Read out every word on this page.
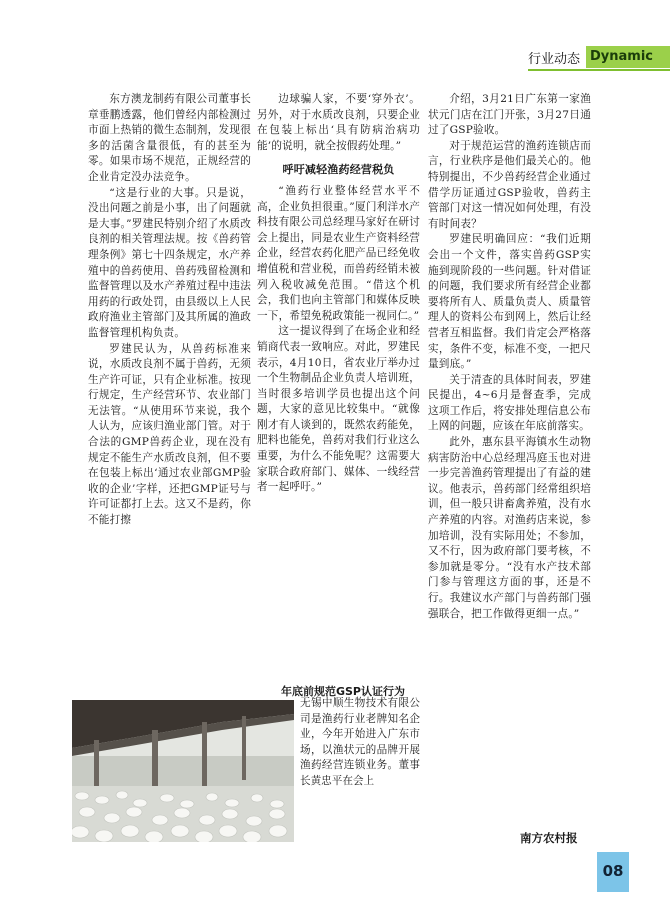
行业动态 Dynamic

东方澳龙制药有限公司董事长章垂鹏透露，他们曾经内部检测过市面上热销的微生态制剂，发现很多的活菌含量很低，有的甚至为零。如果市场不规范，正规经营的企业肯定没办法竞争。

“这是行业的大事。只是说，没出问题之前是小事，出了问题就是大事。”罗建民特别介绍了水质改良剂的相关管理法规。按《兽药管理条例》第七十四条规定，水产养殖中的兽药使用、兽药残留检测和监督管理以及水产养殖过程中违法用药的行政处罚，由县级以上人民政府渔业主管部门及其所属的渔政监督管理机构负责。

罗建民认为，从兽药标准来说，水质改良剂不属于兽药，无须生产许可证，只有企业标准。按现行规定，生产经营环节、农业部门无法管。“从使用环节来说，我个人认为，应该归渔业部门管。对于合法的GMP兽药企业，现在没有规定不能生产水质改良剂，但不要在包装上标出‘通过农业部GMP验收的企业’字样，还把GMP证号与许可证都打上去。这又不是药，你不能打擦

边球骗人家，不要‘穿外衣’。另外，对于水质改良剂，只要企业在包装上标出‘具有防病治病功能’的说明，就全按假药处理。”

呼吁减轻渔药经营税负

“渔药行业整体经营水平不高，企业负担很重。”厦门利洋水产科技有限公司总经理马家好在研讨会上提出，同是农业生产资料经营企业，经营农药化肥产品已经免收增值税和营业税，而兽药经销未被列入税收减免范围。“借这个机会，我们也向主管部门和媒体反映一下，希望免税政策能一视同仁。”

这一提议得到了在场企业和经销商代表一致响应。对此，罗建民表示，4月10日，省农业厅举办过一个生物制品企业负责人培训班，当时很多培训学员也提出这个问题，大家的意见比较集中。“就像刚才有人谈到的，既然农药能免，肥料也能免，兽药对我们行业这么重要，为什么不能免呢？这需要大家联合政府部门、媒体、一线经营者一起呼吁。”

年底前规范GSP认证行为
无锡中顺生物技术有限公司是渔药行业老牌知名企业，今年开始进入广东市场，以渔状元的品牌开展渔药经营连锁业务。董事长黄忠平在会上

介绍，3月21日广东第一家渔状元门店在江门开张，3月27日通过了GSP验收。

对于规范运营的渔药连锁店而言，行业秩序是他们最关心的。他特别提出，不少兽药经营企业通过借学历证通过GSP验收，兽药主管部门对这一情况如何处理，有没有时间表？

罗建民明确回应：“我们近期会出一个文件，落实兽药GSP实施到现阶段的一些问题。针对借证的问题，我们要求所有经营企业都要将所有人、质量负责人、质量管理人的资料公布到网上，然后让经营者互相监督。我们肯定会严格落实，条件不变，标准不变，一把尺量到底。”

关于清查的具体时间表，罗建民提出，4~6月是督查季，完成这项工作后，将安排处理信息公布上网的问题，应该在年底前落实。

此外，惠东县平海镇水生动物病害防治中心总经理冯庭玉也对进一步完善渔药管理提出了有益的建议。他表示，兽药部门经常组织培训，但一般只讲畜禽养殖，没有水产养殖的内容。对渔药店来说，参加培训，没有实际用处；不参加，又不行，因为政府部门要考核，不参加就是零分。“没有水产技术部门参与管理这方面的事，还是不行。我建议水产部门与兽药部门强强联合，把工作做得更细一点。”

南方农村报
08
